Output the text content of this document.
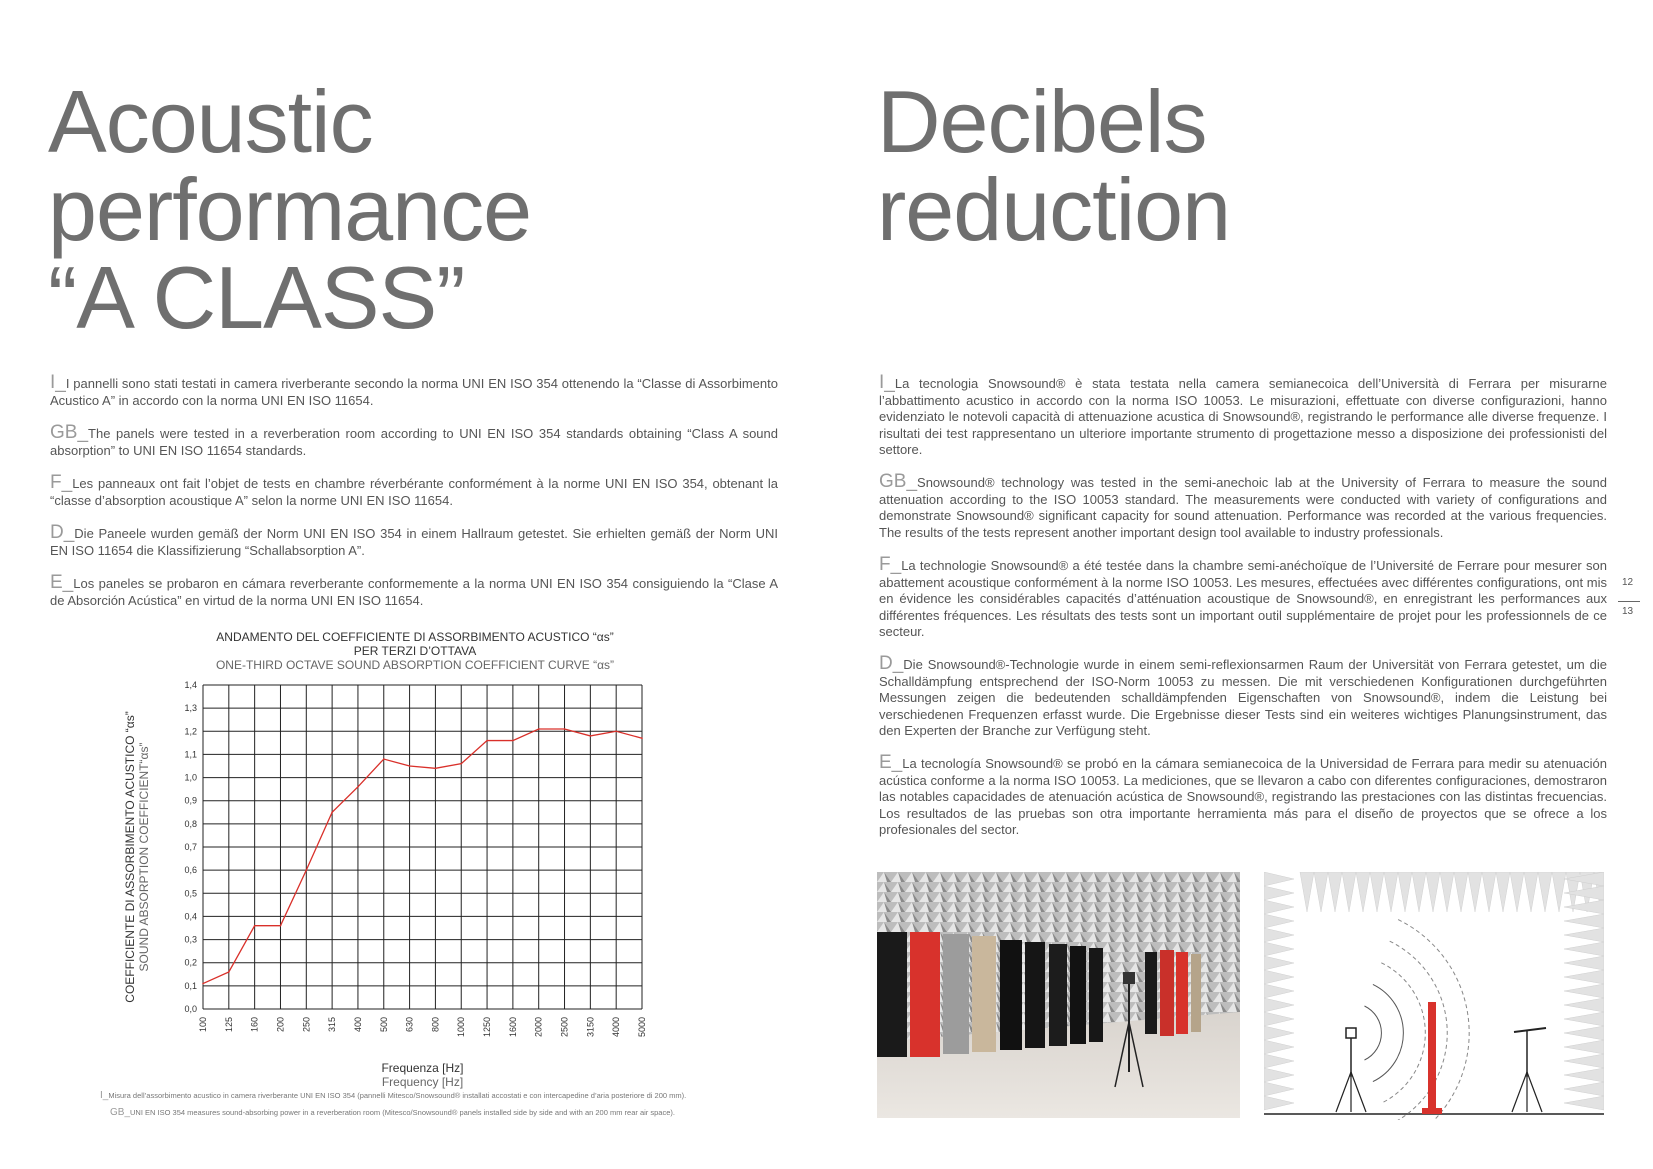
Acoustic
performance
“A CLASS”

I_I pannelli sono stati testati in camera riverberante secondo la norma UNI EN ISO 354 ottenendo la “Classe di Assorbimento Acustico A” in accordo con la norma UNI EN ISO 11654.

GB_The panels were tested in a reverberation room according to UNI EN ISO 354 standards obtaining “Class A sound absorption” to UNI EN ISO 11654 standards.

F_Les panneaux ont fait l’objet de tests en chambre réverbérante conformément à la norme UNI EN ISO 354, obtenant la “classe d’absorption acoustique A” selon la norme UNI EN ISO 11654.

D_Die Paneele wurden gemäß der Norm UNI EN ISO 354 in einem Hallraum getestet. Sie erhielten gemäß der Norm UNI EN ISO 11654 die Klassifizierung “Schallabsorption A”.

E_Los paneles se probaron en cámara reverberante conformemente a la norma UNI EN ISO 354 consiguiendo la “Clase A de Absorción Acústica” en virtud de la norma UNI EN ISO 11654.

ANDAMENTO DEL COEFFICIENTE DI ASSORBIMENTO ACUSTICO “αs”
PER TERZI D’OTTAVA
ONE-THIRD OCTAVE SOUND ABSORPTION COEFFICIENT CURVE “αs”
0,0
0,1
0,2
0,3
0,4
0,5
0,6
0,7
0,8
0,9
1,0
1,1
1,2
1,3
1,4
100 125 160 200 250 315 400 500 630 800 1000 1250 1600 2000 2500 3150 4000 5000
Frequenza [Hz]
Frequency [Hz]
COEFFICIENTE DI ASSORBIMENTO ACUSTICO “αs” SOUND ABSORPTION COEFFICIENT“αs”
I_Misura dell’assorbimento acustico in camera riverberante UNI EN ISO 354 (pannelli Mitesco/Snowsound® installati accostati e con intercapedine d’aria posteriore di 200 mm).
GB_UNI EN ISO 354 measures sound-absorbing power in a reverberation room (Mitesco/Snowsound® panels installed side by side and with an 200 mm rear air space).
Decibels
reduction

I_La tecnologia Snowsound® è stata testata nella camera semianecoica dell’Università di Ferrara per misurarne l’abbattimento acustico in accordo con la norma ISO 10053. Le misurazioni, effettuate con diverse configurazioni, hanno evidenziato le notevoli capacità di attenuazione acustica di Snowsound®, registrando le performance alle diverse frequenze. I risultati dei test rappresentano un ulteriore importante strumento di progettazione messo a disposizione dei professionisti del settore.

GB_Snowsound® technology was tested in the semi-anechoic lab at the University of Ferrara to measure the sound attenuation according to the ISO 10053 standard. The measurements were conducted with variety of configurations and demonstrate Snowsound® significant capacity for sound attenuation. Performance was recorded at the various frequencies. The results of the tests represent another important design tool available to industry professionals.

F_La technologie Snowsound® a été testée dans la chambre semi-anéchoïque de l’Université de Ferrare pour mesurer son abattement acoustique conformément à la norme ISO 10053. Les mesures, effectuées avec différentes configurations, ont mis en évidence les considérables capacités d’atténuation acoustique de Snowsound®, en enregistrant les performances aux différentes fréquences. Les résultats des tests sont un important outil supplémentaire de projet pour les professionnels de ce secteur.

D_Die Snowsound®-Technologie wurde in einem semi-reflexionsarmen Raum der Universität von Ferrara getestet, um die Schalldämpfung entsprechend der ISO-Norm 10053 zu messen. Die mit verschiedenen Konfigurationen durchgeführten Messungen zeigen die bedeutenden schalldämpfenden Eigenschaften von Snowsound®, indem die Leistung bei verschiedenen Frequenzen erfasst wurde. Die Ergebnisse dieser Tests sind ein weiteres wichtiges Planungsinstrument, das den Experten der Branche zur Verfügung steht.

E_La tecnología Snowsound® se probó en la cámara semianecoica de la Universidad de Ferrara para medir su atenuación acústica conforme a la norma ISO 10053. La mediciones, que se llevaron a cabo con diferentes configuraciones, demostraron las notables capacidades de atenuación acústica de Snowsound®, registrando las prestaciones con las distintas frecuencias. Los resultados de las pruebas son otra importante herramienta más para el diseño de proyectos que se ofrece a los profesionales del sector.

12
13
